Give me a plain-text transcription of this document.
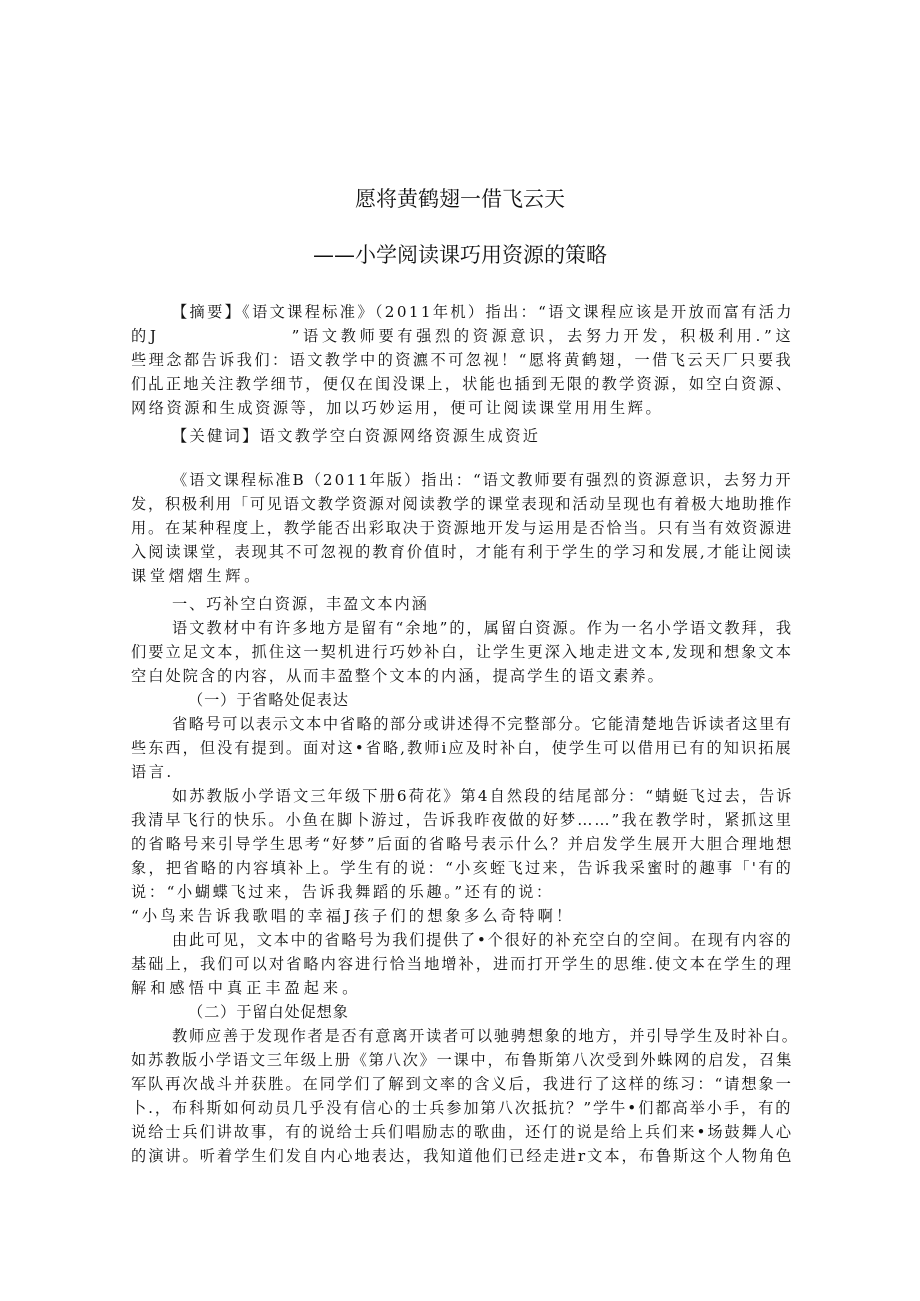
愿将黄鹤翅一借飞云天
——小学阅读课巧用资源的策略
【摘要】《语文课程标准》（2011年机）指出：“语文课程应该是开放而富有活力
的J　　　　　　　”语文教师要有强烈的资源意识，去努力开发，积极利用.”这
些理念都告诉我们：语文教学中的资瀌不可忽视！“愿将黄鹤翅，一借飞云天厂只要我
们乩正地关注教学细节，便仅在闺没课上，状能也插到无限的教学资源，如空白资源、
网络资源和生成资源等，加以巧妙运用，便可让阅读课堂用用生辉。
【关健词】语文教学空白资源网络资源生成资近
《语文课程标准B（2011年版）指出：“语文教师要有强烈的资源意识，去努力开
发，积极利用「可见语文教学资源对阅读教学的课堂表现和活动呈现也有着极大地助推作
用。在某种程度上，教学能否出彩取决于资源地开发与运用是否恰当。只有当有效资源进
入阅读课堂，表现其不可忽视的教育价值时，才能有利于学生的学习和发展,才能让阅读
课堂熠熠生辉。
一、巧补空白资源，丰盈文本内涵
语文教材中有许多地方是留有“余地”的，属留白资源。作为一名小学语文教拜，我
们要立足文本，抓住这一契机进行巧妙补白，让学生更深入地走进文本,发现和想象文本
空白处院含的内容，从而丰盈整个文本的内涵，提高学生的语文素养。
（一）于省略处促表达
省略号可以表示文本中省略的部分或讲述得不完整部分。它能清楚地告诉读者这里有
些东西，但没有提到。面对这•省略,教师i应及时补白，使学生可以借用已有的知识拓展
语言.
如苏教版小学语文三年级下册6荷花》第4自然段的结尾部分：“蜻蜓飞过去，告诉
我清早飞行的快乐。小鱼在脚卜游过，告诉我昨夜做的好梦……”我在教学时，紧抓这里
的省略号来引导学生思考“好梦”后面的省略号表示什么？并启发学生展开大胆合理地想
象，把省略的内容填补上。学生有的说：“小亥蛭飞过来，告诉我采蜜时的趣事「'有的
说：“小蝴蝶飞过来，告诉我舞蹈的乐趣。”还有的说：
“小鸟来告诉我歌唱的幸福J孩子们的想象多么奇特啊！
由此可见，文本中的省略号为我们提供了•个很好的补充空白的空间。在现有内容的
基础上，我们可以对省略内容进行恰当地增补，进而打开学生的思维.使文本在学生的理
解和感悟中真正丰盈起来。
（二）于留白处促想象
教师应善于发现作者是否有意离开读者可以驰骋想象的地方，并引导学生及时补白。
如苏教版小学语文三年级上册《第八次》一课中，布鲁斯第八次受到外蛛网的启发，召集
军队再次战斗并获胜。在同学们了解到文率的含义后，我进行了这样的练习：“请想象一
卜.，布科斯如何动员几乎没有信心的士兵参加第八次抵抗？”学牛•们都高举小手，有的
说给士兵们讲故事，有的说给士兵们唱励志的歌曲，还仃的说是给上兵们来•场鼓舞人心
的演讲。听着学生们发自内心地表达，我知道他们已经走进r文本，布鲁斯这个人物角色
